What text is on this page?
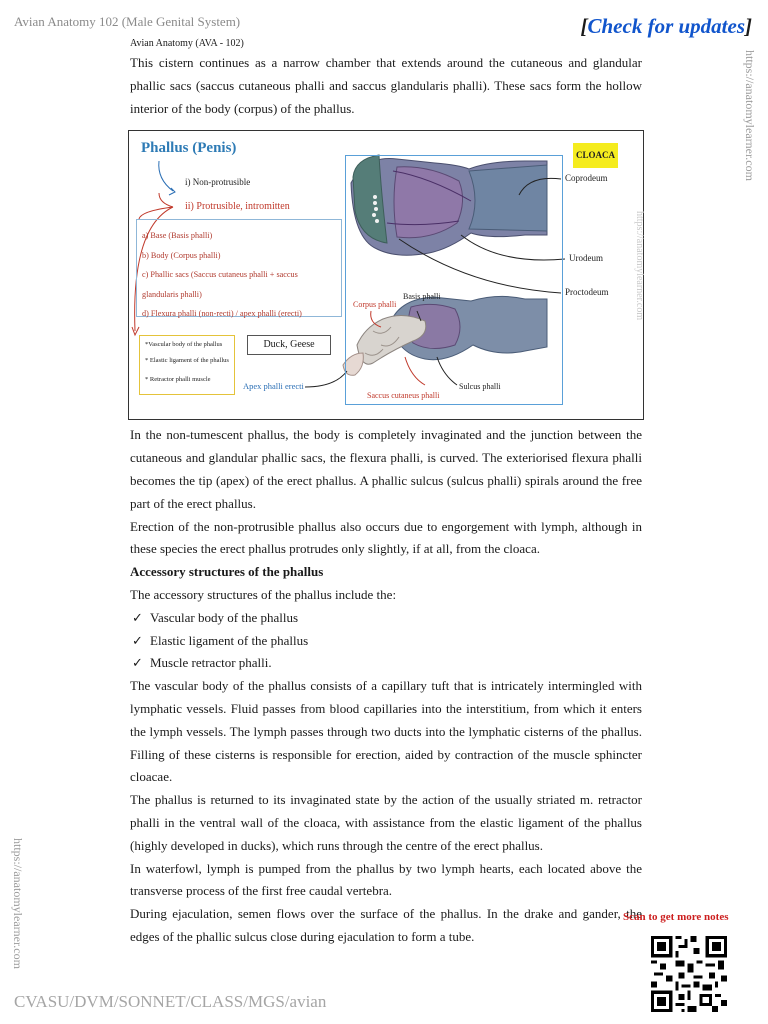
Avian Anatomy 102 (Male Genital System)	[Check for updates]
Avian Anatomy (AVA - 102)
https://anatomylearner.com
https://anatomylearner.com

This cistern continues as a narrow chamber that extends around the cutaneous and glandular phallic sacs (saccus cutaneous phalli and saccus glandularis phalli). These sacs form the hollow interior of the body (corpus) of the phallus.

Phallus (Penis)
i) Non-protrusible
ii) Protrusible, intromitten
a) Base (Basis phalli)
b) Body (Corpus phalli)
c) Phallic sacs (Saccus cutaneus phalli + saccus glandularis phalli)
d) Flexura phalli (non-recti) / apex phalli (erecti)
*Vascular body of the phallus
* Elastic ligament of the phallus
* Retractor phalli muscle
Duck, Geese
CLOACA
Coprodeum
Urodeum
Proctodeum
Basis phalli
Corpus phalli
Sulcus phalli
Saccus cutaneus phalli
Apex phalli erecti
https://anatomylearner.com

In the non-tumescent phallus, the body is completely invaginated and the junction between the cutaneous and glandular phallic sacs, the flexura phalli, is curved. The exteriorised flexura phalli becomes the tip (apex) of the erect phallus. A phallic sulcus (sulcus phalli) spirals around the free part of the erect phallus.

Erection of the non-protrusible phallus also occurs due to engorgement with lymph, although in these species the erect phallus protrudes only slightly, if at all, from the cloaca.

Accessory structures of the phallus

The accessory structures of the phallus include the:

✓ Vascular body of the phallus
✓ Elastic ligament of the phallus
✓ Muscle retractor phalli.

The vascular body of the phallus consists of a capillary tuft that is intricately intermingled with lymphatic vessels. Fluid passes from blood capillaries into the interstitium, from which it enters the lymph vessels. The lymph passes through two ducts into the lymphatic cisterns of the phallus. Filling of these cisterns is responsible for erection, aided by contraction of the muscle sphincter cloacae.

The phallus is returned to its invaginated state by the action of the usually striated m. retractor phalli in the ventral wall of the cloaca, with assistance from the elastic ligament of the phallus (highly developed in ducks), which runs through the centre of the erect phallus.

In waterfowl, lymph is pumped from the phallus by two lymph hearts, each located above the transverse process of the first free caudal vertebra.

During ejaculation, semen flows over the surface of the phallus. In the drake and gander, the edges of the phallic sulcus close during ejaculation to form a tube.

Scan to get more notes
CVASU/DVM/SONNET/CLASS/MGS/avian
